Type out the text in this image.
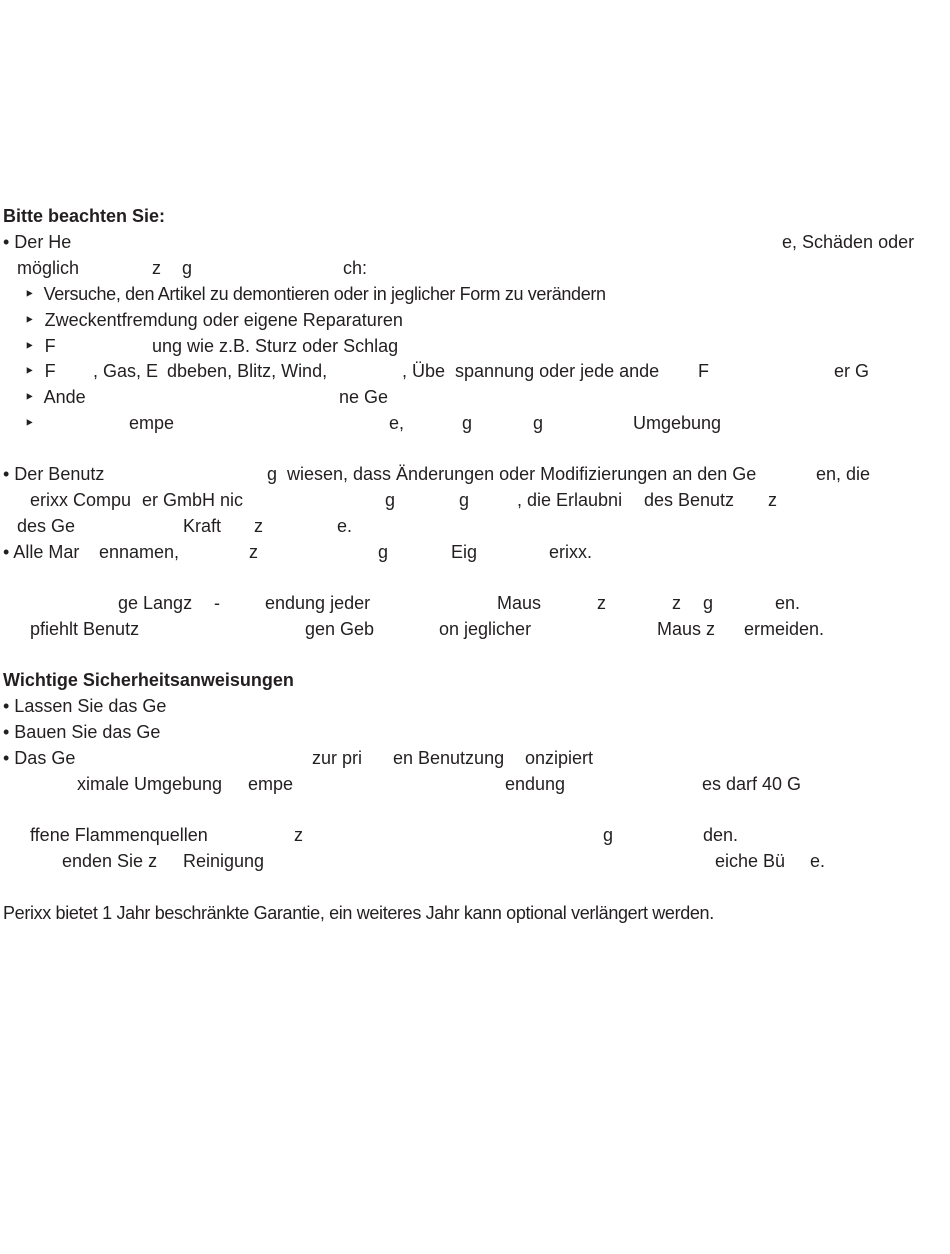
Bitte beachten Sie:
• Der He	e, Schäden oder
möglich	z g	ch:
‣  Versuche, den Artikel zu demontieren oder in jeglicher Form zu verändern
‣  Zweckentfremdung oder eigene Reparaturen
‣  F	ung wie z.B. Sturz oder Schlag
‣  F , Gas, E dbeben, Blitz, Wind,	, Übe spannung oder jede ande F	er G
‣  Ande	ne Ge
‣	empe	e,	g	g	Umgebung
• Der Benutz	g wiesen, dass Änderungen oder Modifizierungen an den Ge	en, die
erixx Compu er GmbH nic	g	g	, die Erlaubni des Benutz z
des Ge	Kraft z	e.
• Alle Mar ennamen,	z	g	Eig	erixx.
ge Langz -	endung jeder	Maus	z	z g	en.
pfiehlt Benutz	gen Geb	on jeglicher	Maus z ermeiden.
Wichtige Sicherheitsanweisungen
• Lassen Sie das Ge
• Bauen Sie das Ge
• Das Ge	zur pri en Benutzung onzipiert
ximale Umgebung empe	endung	es darf 40 G
ffene Flammenquellen	z	g	den.
enden Sie z Reinigung	eiche Bü e.
Perixx bietet 1 Jahr beschränkte Garantie, ein weiteres Jahr kann optional verlängert werden.
